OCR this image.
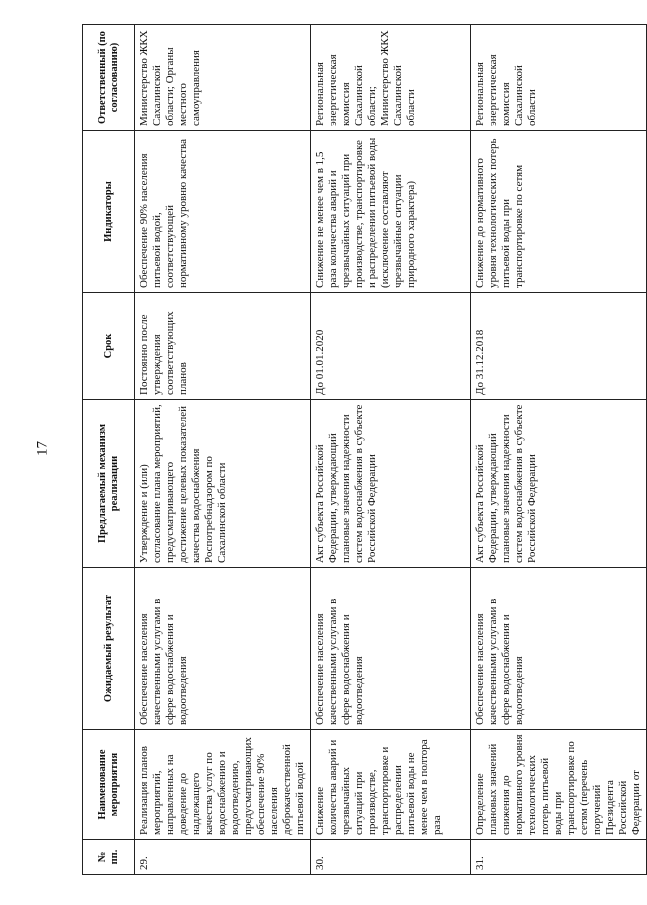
17
№ пп.	Наименование мероприятия	Ожидаемый результат	Предлагаемый механизм реализации	Срок	Индикаторы	Ответственный (по согласованию)
29.	Реализация планов мероприятий, направленных на доведение до надлежащего качества услуг по водоснабжению и водоотведению, предусматривающих обеспечение 90% населения доброкачественной питьевой водой	Обеспечение населения качественными услугами в сфере водоснабжения и водоотведения	Утверждение и (или) согласование плана мероприятий, предусматривающего достижение целевых показателей качества водоснабжения Роспотребнадзором по Сахалинской области	Постоянно после утверждения соответствующих планов	Обеспечение 90% населения питьевой водой, соответствующей нормативному уровню качества	Министерство ЖКХ Сахалинской области; Органы местного самоуправления
30.	Снижение количества аварий и чрезвычайных ситуаций при производстве, транспортировке и распределении питьевой воды не менее чем в полтора раза	Обеспечение населения качественными услугами в сфере водоснабжения и водоотведения	Акт субъекта Российской Федерации, утверждающий плановые значения надежности систем водоснабжения в субъекте Российской Федерации	До 01.01.2020	Снижение не менее чем в 1,5 раза количества аварий и чрезвычайных ситуаций при производстве, транспортировке и распределении питьевой воды (исключение составляют чрезвычайные ситуации природного характера)	Региональная энергетическая комиссия Сахалинской области; Министерство ЖКХ Сахалинской области
31.	Определение плановых значений снижения до нормативного уровня технологических потерь питьевой воды при транспортировке по сетям (перечень поручений Президента Российской Федерации от	Обеспечение населения качественными услугами в сфере водоснабжения и водоотведения	Акт субъекта Российской Федерации, утверждающий плановые значения надежности систем водоснабжения в субъекте Российской Федерации	До 31.12.2018	Снижение до нормативного уровня технологических потерь питьевой воды при транспортировке по сетям	Региональная энергетическая комиссия Сахалинской области
